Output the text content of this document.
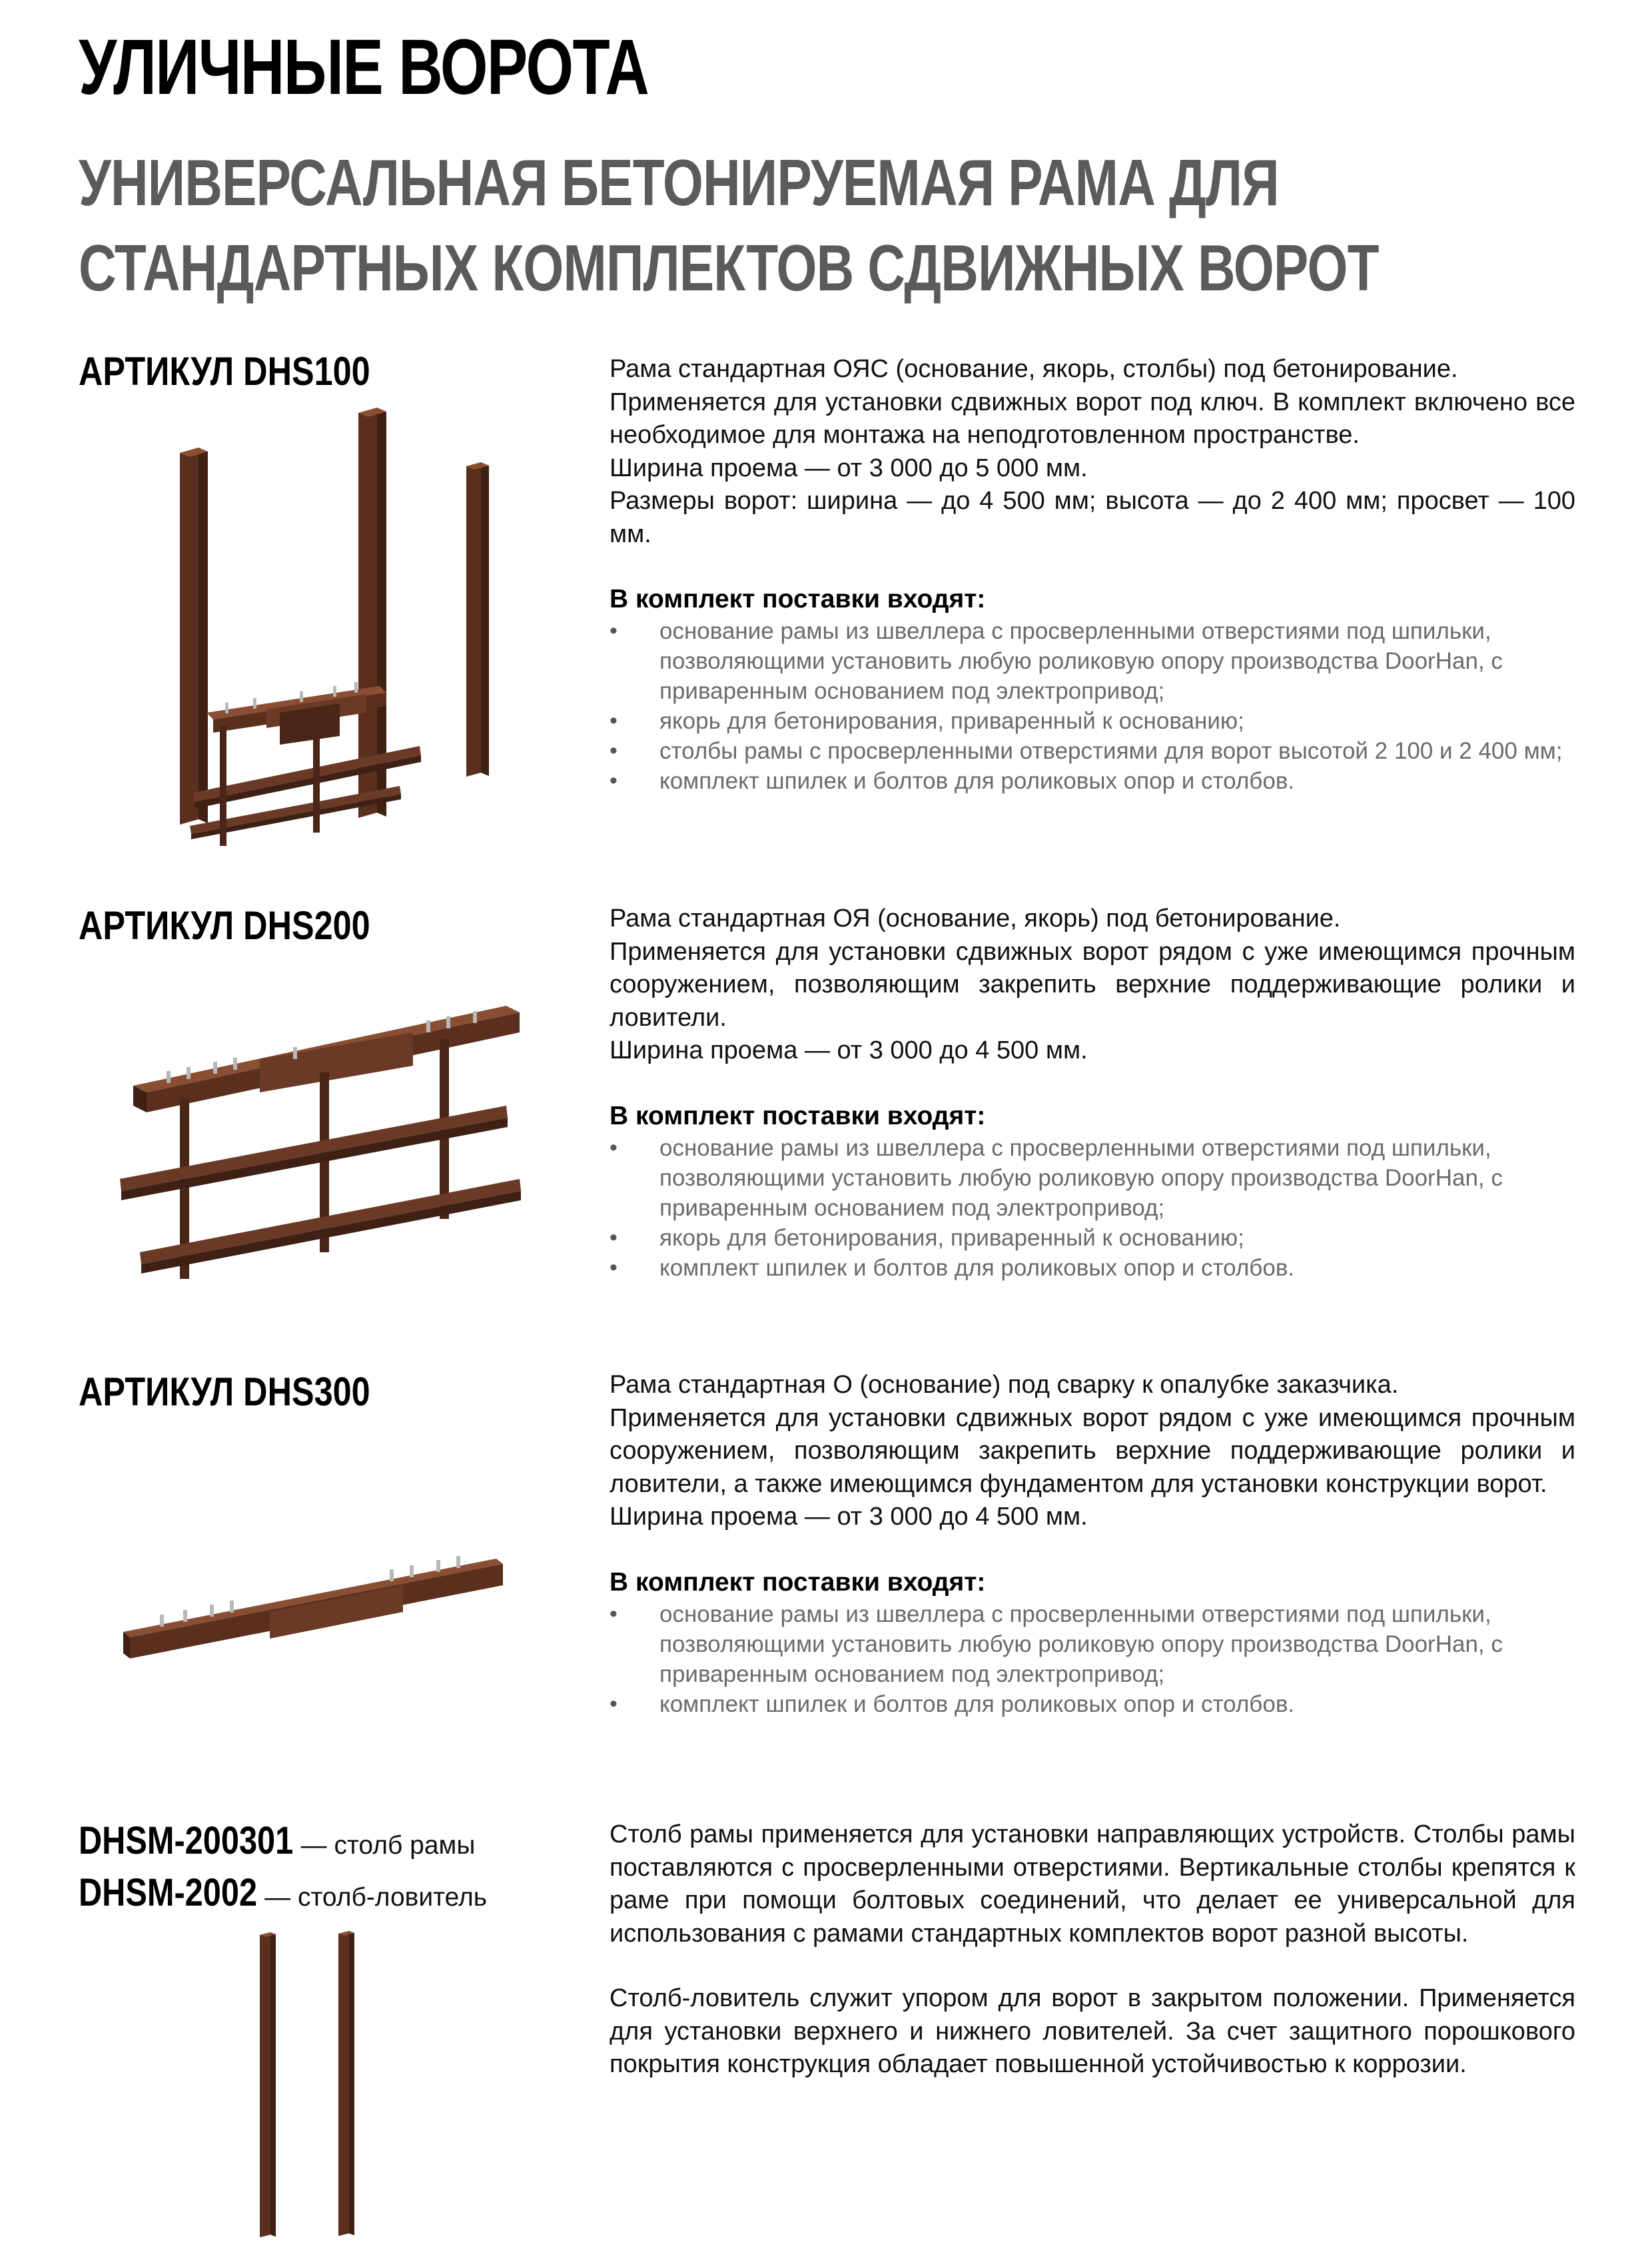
УЛИЧНЫЕ ВОРОТА
УНИВЕРСАЛЬНАЯ БЕТОНИРУЕМАЯ РАМА ДЛЯ
СТАНДАРТНЫХ КОМПЛЕКТОВ СДВИЖНЫХ ВОРОТ
АРТИКУЛ DHS100	Рама стандартная ОЯС (основание, якорь, столбы) под бетонирование.

Применяется для установки сдвижных ворот под ключ. В комплект включено все необходимое для монтажа на неподготовленном пространстве.

Ширина проема — от 3 000 до 5 000 мм.

Размеры ворот: ширина — до 4 500 мм; высота — до 2 400 мм; просвет — 100 мм.

В комплект поставки входят:
• основание рамы из швеллера с просверленными отверстиями под шпильки, позволяющими установить любую роликовую опору производства DoorHan, с приваренным основанием под электропривод;
• якорь для бетонирования, приваренный к основанию;
• столбы рамы с просверленными отверстиями для ворот высотой 2 100 и 2 400 мм;
• комплект шпилек и болтов для роликовых опор и столбов.
АРТИКУЛ DHS200	Рама стандартная ОЯ (основание, якорь) под бетонирование.

Применяется для установки сдвижных ворот рядом с уже имеющимся прочным сооружением, позволяющим закрепить верхние поддерживающие ролики и ловители.

Ширина проема — от 3 000 до 4 500 мм.

В комплект поставки входят:
• основание рамы из швеллера с просверленными отверстиями под шпильки, позволяющими установить любую роликовую опору производства DoorHan, с приваренным основанием под электропривод;
• якорь для бетонирования, приваренный к основанию;
• комплект шпилек и болтов для роликовых опор и столбов.
АРТИКУЛ DHS300	Рама стандартная О (основание) под сварку к опалубке заказчика.

Применяется для установки сдвижных ворот рядом с уже имеющимся прочным сооружением, позволяющим закрепить верхние поддерживающие ролики и ловители, а также имеющимся фундаментом для установки конструкции ворот.

Ширина проема — от 3 000 до 4 500 мм.

В комплект поставки входят:
• основание рамы из швеллера с просверленными отверстиями под шпильки, позволяющими установить любую роликовую опору производства DoorHan, с приваренным основанием под электропривод;
• комплект шпилек и болтов для роликовых опор и столбов.
DHSM-200301 — столб рамы
DHSM-2002 — столб-ловитель

Столб рамы применяется для установки направляющих устройств. Столбы рамы поставляются с просверленными отверстиями. Вертикальные столбы крепятся к раме при помощи болтовых соединений, что делает ее универсальной для использования с рамами стандартных комплектов ворот разной высоты.

Столб-ловитель служит упором для ворот в закрытом положении. Применяется для установки верхнего и нижнего ловителей. За счет защитного порошкового покрытия конструкция обладает повышенной устойчивостью к коррозии.
